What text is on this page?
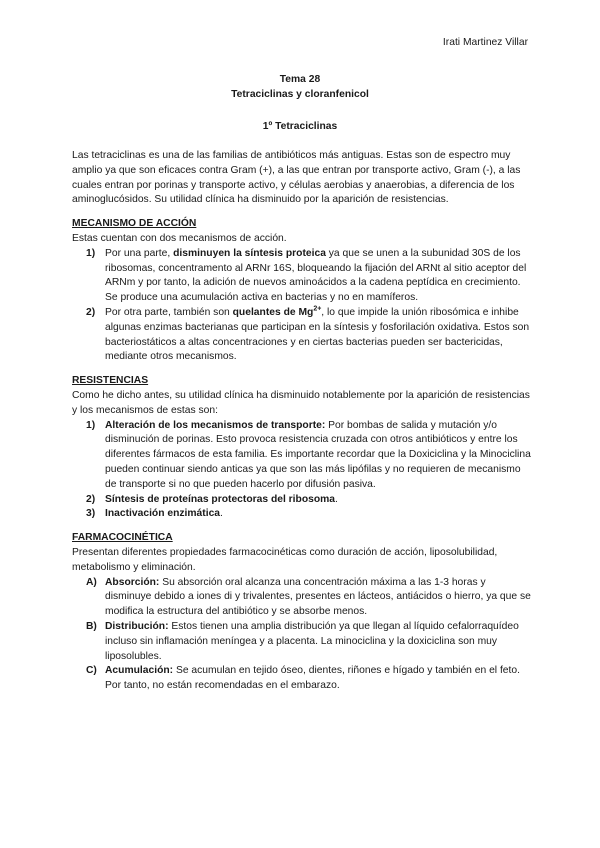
Irati Martinez Villar
Tema 28
Tetraciclinas y cloranfenicol
1º Tetraciclinas

Las tetraciclinas es una de las familias de antibióticos más antiguas. Estas son de espectro muy amplio ya que son eficaces contra Gram (+), a las que entran por transporte activo, Gram (-), a las cuales entran por porinas y transporte activo, y células aerobias y anaerobias, a diferencia de los aminoglucósidos. Su utilidad clínica ha disminuido por la aparición de resistencias.

MECANISMO DE ACCIÓN

Estas cuentan con dos mecanismos de acción.

1) Por una parte, disminuyen la síntesis proteica ya que se unen a la subunidad 30S de los ribosomas, concentramento al ARNr 16S, bloqueando la fijación del ARNt al sitio aceptor del ARNm y por tanto, la adición de nuevos aminoácidos a la cadena peptídica en crecimiento. Se produce una acumulación activa en bacterias y no en mamíferos.
2) Por otra parte, también son quelantes de $Mg^{2+}$, lo que impide la unión ribosómica e inhibe algunas enzimas bacterianas que participan en la síntesis y fosforilación oxidativa. Estos son bacteriostáticos a altas concentraciones y en ciertas bacterias pueden ser bactericidas, mediante otros mecanismos.
RESISTENCIAS

Como he dicho antes, su utilidad clínica ha disminuido notablemente por la aparición de resistencias y los mecanismos de estas son:

1) Alteración de los mecanismos de transporte: Por bombas de salida y mutación y/o disminución de porinas. Esto provoca resistencia cruzada con otros antibióticos y entre los diferentes fármacos de esta familia. Es importante recordar que la Doxiciclina y la Minociclina pueden continuar siendo anticas ya que son las más lipófilas y no requieren de mecanismo de transporte si no que pueden hacerlo por difusión pasiva.
2) Síntesis de proteínas protectoras del ribosoma.
3) Inactivación enzimática.
FARMACOCINÉTICA

Presentan diferentes propiedades farmacocinéticas como duración de acción, liposolubilidad, metabolismo y eliminación.

A) Absorción: Su absorción oral alcanza una concentración máxima a las 1-3 horas y disminuye debido a iones di y trivalentes, presentes en lácteos, antiácidos o hierro, ya que se modifica la estructura del antibiótico y se absorbe menos.
B) Distribución: Estos tienen una amplia distribución ya que llegan al líquido cefalorraquídeo incluso sin inflamación meníngea y a placenta. La minociclina y la doxiciclina son muy liposolubles.
C) Acumulación: Se acumulan en tejido óseo, dientes, riñones e hígado y también en el feto. Por tanto, no están recomendadas en el embarazo.
